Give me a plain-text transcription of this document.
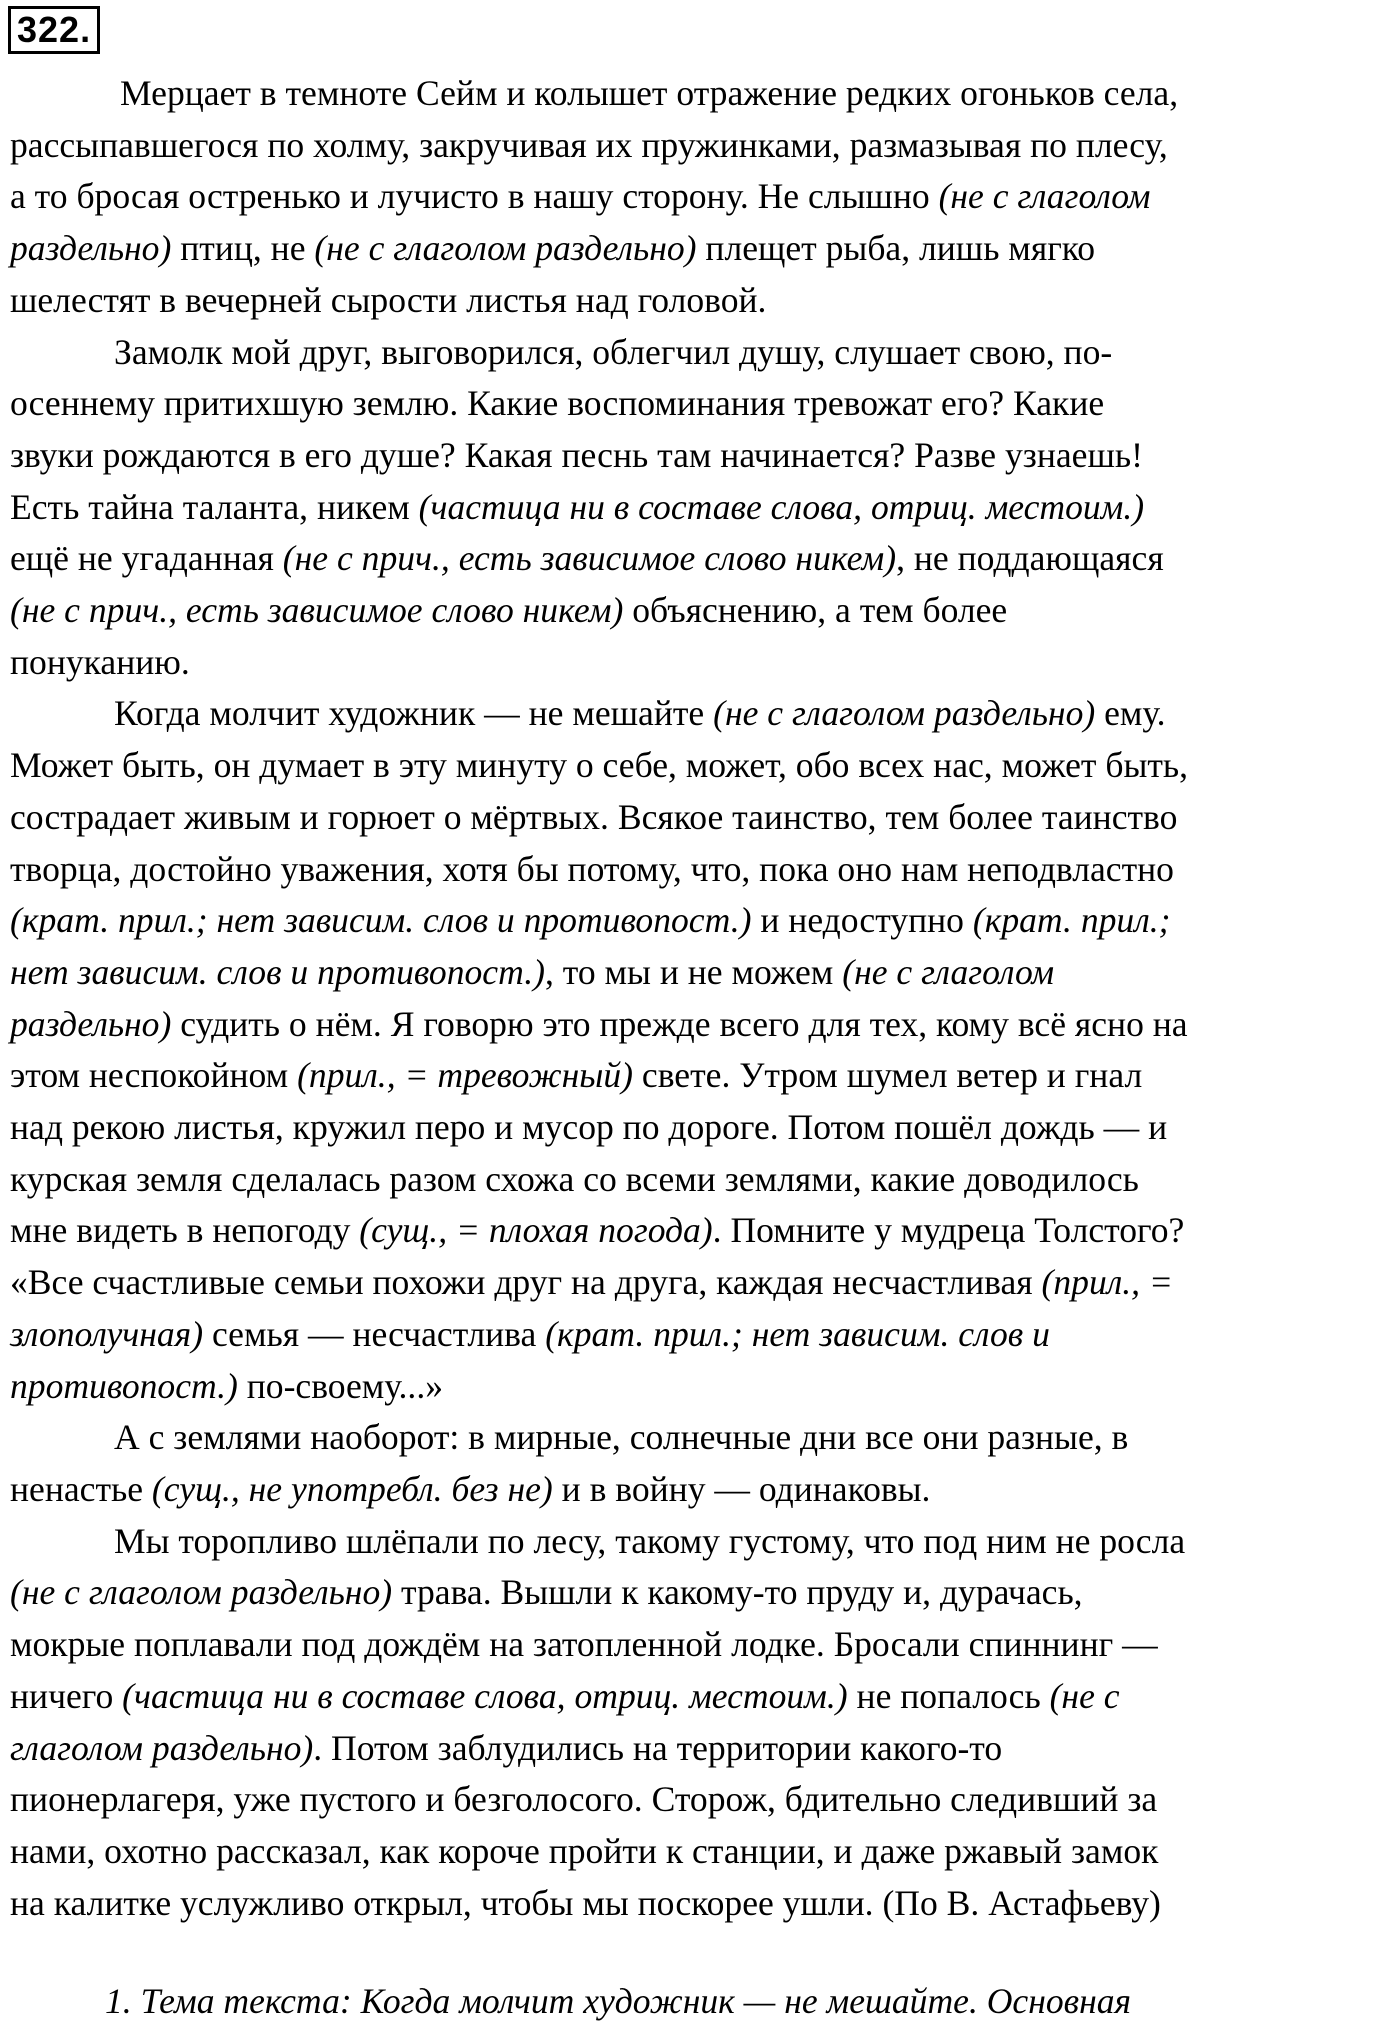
322.

Мерцает в темноте Сейм и колышет отражение редких огоньков села,
рассыпавшегося по холму, закручивая их пружинками, размазывая по плесу,
а то бросая остренько и лучисто в нашу сторону. Не слышно (не с глаголом
раздельно) птиц, не (не с глаголом раздельно) плещет рыба, лишь мягко
шелестят в вечерней сырости листья над головой.

Замолк мой друг, выговорился, облегчил душу, слушает свою, по-
осеннему притихшую землю. Какие воспоминания тревожат его? Какие
звуки рождаются в его душе? Какая песнь там начинается? Разве узнаешь!
Есть тайна таланта, никем (частица ни в составе слова, отриц. местоим.)
ещё не угаданная (не с прич., есть зависимое слово никем), не поддающаяся
(не с прич., есть зависимое слово никем) объяснению, а тем более
понуканию.

Когда молчит художник — не мешайте (не с глаголом раздельно) ему.
Может быть, он думает в эту минуту о себе, может, обо всех нас, может быть,
сострадает живым и горюет о мёртвых. Всякое таинство, тем более таинство
творца, достойно уважения, хотя бы потому, что, пока оно нам неподвластно
(крат. прил.; нет зависим. слов и противопост.) и недоступно (крат. прил.;
нет зависим. слов и противопост.), то мы и не можем (не с глаголом
раздельно) судить о нём. Я говорю это прежде всего для тех, кому всё ясно на
этом неспокойном (прил., = тревожный) свете. Утром шумел ветер и гнал
над рекою листья, кружил перо и мусор по дороге. Потом пошёл дождь — и
курская земля сделалась разом схожа со всеми землями, какие доводилось
мне видеть в непогоду (сущ., = плохая погода). Помните у мудреца Толстого?
«Все счастливые семьи похожи друг на друга, каждая несчастливая (прил., =
злополучная) семья — несчастлива (крат. прил.; нет зависим. слов и
противопост.) по-своему...»

А с землями наоборот: в мирные, солнечные дни все они разные, в
ненастье (сущ., не употребл. без не) и в войну — одинаковы.

Мы торопливо шлёпали по лесу, такому густому, что под ним не росла
(не с глаголом раздельно) трава. Вышли к какому-то пруду и, дурачась,
мокрые поплавали под дождём на затопленной лодке. Бросали спиннинг —
ничего (частица ни в составе слова, отриц. местоим.) не попалось (не с
глаголом раздельно). Потом заблудились на территории какого-то
пионерлагеря, уже пустого и безголосого. Сторож, бдительно следивший за
нами, охотно рассказал, как короче пройти к станции, и даже ржавый замок
на калитке услужливо открыл, чтобы мы поскорее ушли. (По В. Астафьеву)

1. Тема текста: Когда молчит художник — не мешайте. Основная
